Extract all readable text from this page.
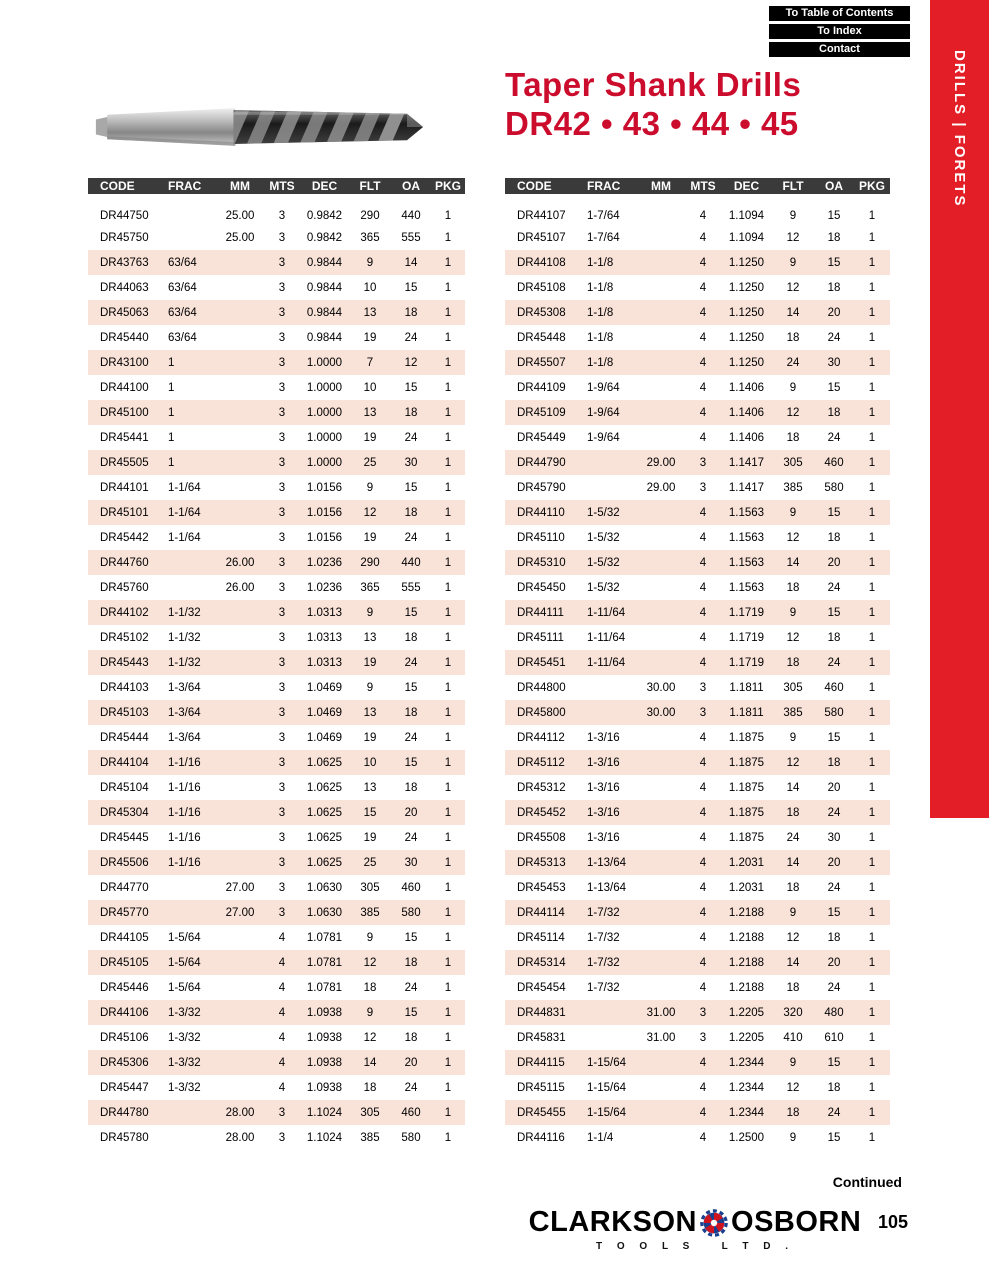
DRILLS | FORETS
To Table of Contents
To Index
Contact
Taper Shank Drills
DR42 • 43 • 44 • 45
CODE	FRAC	MM	MTS	DEC	FLT	OA	PKG
DR44750		25.00	3	0.9842	290	440	1
DR45750		25.00	3	0.9842	365	555	1
DR43763	63/64		3	0.9844	9	14	1
DR44063	63/64		3	0.9844	10	15	1
DR45063	63/64		3	0.9844	13	18	1
DR45440	63/64		3	0.9844	19	24	1
DR43100	1		3	1.0000	7	12	1
DR44100	1		3	1.0000	10	15	1
DR45100	1		3	1.0000	13	18	1
DR45441	1		3	1.0000	19	24	1
DR45505	1		3	1.0000	25	30	1
DR44101	1-1/64		3	1.0156	9	15	1
DR45101	1-1/64		3	1.0156	12	18	1
DR45442	1-1/64		3	1.0156	19	24	1
DR44760		26.00	3	1.0236	290	440	1
DR45760		26.00	3	1.0236	365	555	1
DR44102	1-1/32		3	1.0313	9	15	1
DR45102	1-1/32		3	1.0313	13	18	1
DR45443	1-1/32		3	1.0313	19	24	1
DR44103	1-3/64		3	1.0469	9	15	1
DR45103	1-3/64		3	1.0469	13	18	1
DR45444	1-3/64		3	1.0469	19	24	1
DR44104	1-1/16		3	1.0625	10	15	1
DR45104	1-1/16		3	1.0625	13	18	1
DR45304	1-1/16		3	1.0625	15	20	1
DR45445	1-1/16		3	1.0625	19	24	1
DR45506	1-1/16		3	1.0625	25	30	1
DR44770		27.00	3	1.0630	305	460	1
DR45770		27.00	3	1.0630	385	580	1
DR44105	1-5/64		4	1.0781	9	15	1
DR45105	1-5/64		4	1.0781	12	18	1
DR45446	1-5/64		4	1.0781	18	24	1
DR44106	1-3/32		4	1.0938	9	15	1
DR45106	1-3/32		4	1.0938	12	18	1
DR45306	1-3/32		4	1.0938	14	20	1
DR45447	1-3/32		4	1.0938	18	24	1
DR44780		28.00	3	1.1024	305	460	1
DR45780		28.00	3	1.1024	385	580	1
CODE	FRAC	MM	MTS	DEC	FLT	OA	PKG
DR44107	1-7/64		4	1.1094	9	15	1
DR45107	1-7/64		4	1.1094	12	18	1
DR44108	1-1/8		4	1.1250	9	15	1
DR45108	1-1/8		4	1.1250	12	18	1
DR45308	1-1/8		4	1.1250	14	20	1
DR45448	1-1/8		4	1.1250	18	24	1
DR45507	1-1/8		4	1.1250	24	30	1
DR44109	1-9/64		4	1.1406	9	15	1
DR45109	1-9/64		4	1.1406	12	18	1
DR45449	1-9/64		4	1.1406	18	24	1
DR44790		29.00	3	1.1417	305	460	1
DR45790		29.00	3	1.1417	385	580	1
DR44110	1-5/32		4	1.1563	9	15	1
DR45110	1-5/32		4	1.1563	12	18	1
DR45310	1-5/32		4	1.1563	14	20	1
DR45450	1-5/32		4	1.1563	18	24	1
DR44111	1-11/64		4	1.1719	9	15	1
DR45111	1-11/64		4	1.1719	12	18	1
DR45451	1-11/64		4	1.1719	18	24	1
DR44800		30.00	3	1.1811	305	460	1
DR45800		30.00	3	1.1811	385	580	1
DR44112	1-3/16		4	1.1875	9	15	1
DR45112	1-3/16		4	1.1875	12	18	1
DR45312	1-3/16		4	1.1875	14	20	1
DR45452	1-3/16		4	1.1875	18	24	1
DR45508	1-3/16		4	1.1875	24	30	1
DR45313	1-13/64		4	1.2031	14	20	1
DR45453	1-13/64		4	1.2031	18	24	1
DR44114	1-7/32		4	1.2188	9	15	1
DR45114	1-7/32		4	1.2188	12	18	1
DR45314	1-7/32		4	1.2188	14	20	1
DR45454	1-7/32		4	1.2188	18	24	1
DR44831		31.00	3	1.2205	320	480	1
DR45831		31.00	3	1.2205	410	610	1
DR44115	1-15/64		4	1.2344	9	15	1
DR45115	1-15/64		4	1.2344	12	18	1
DR45455	1-15/64		4	1.2344	18	24	1
DR44116	1-1/4		4	1.2500	9	15	1
Continued
CLARKSON OSBORN
T O O L S   L T D .
105
